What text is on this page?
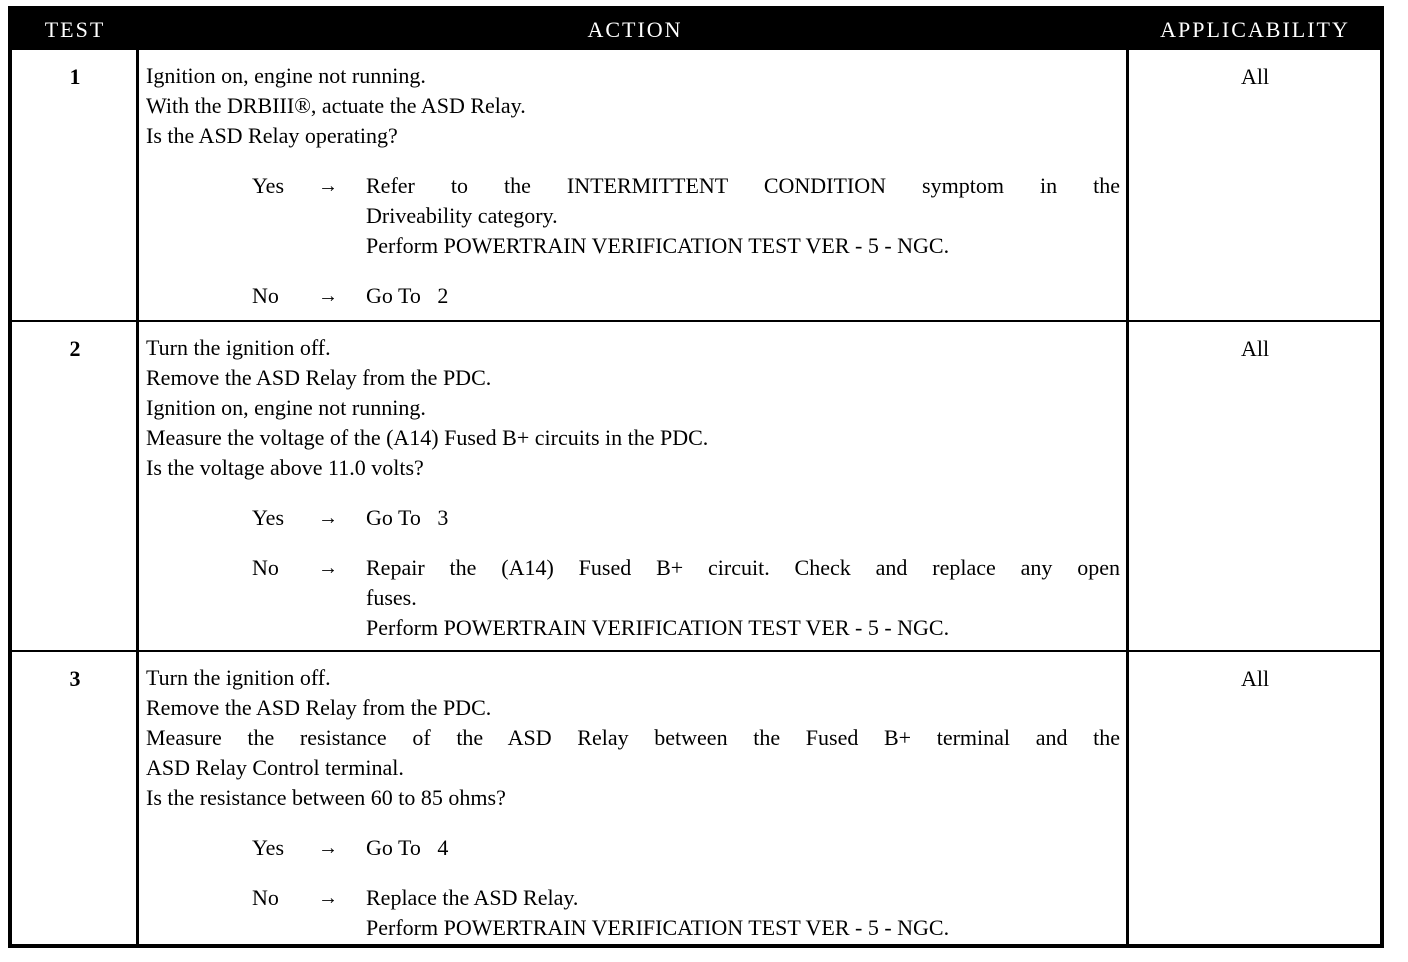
TEST	ACTION	APPLICABILITY
1	Ignition on, engine not running.
With the DRBIII®, actuate the ASD Relay.
Is the ASD Relay operating?
Yes → Refer to the INTERMITTENT CONDITION symptom in the
Driveability category.
Perform POWERTRAIN VERIFICATION TEST VER - 5 - NGC.
No → Go To   2
All
2	Turn the ignition off.
Remove the ASD Relay from the PDC.
Ignition on, engine not running.
Measure the voltage of the (A14) Fused B+ circuits in the PDC.
Is the voltage above 11.0 volts?
Yes → Go To   3
No → Repair the (A14) Fused B+ circuit. Check and replace any open
fuses.
Perform POWERTRAIN VERIFICATION TEST VER - 5 - NGC.
All
3	Turn the ignition off.
Remove the ASD Relay from the PDC.
Measure the resistance of the ASD Relay between the Fused B+ terminal and the
ASD Relay Control terminal.
Is the resistance between 60 to 85 ohms?
Yes → Go To   4
No → Replace the ASD Relay.
Perform POWERTRAIN VERIFICATION TEST VER - 5 - NGC.
All
